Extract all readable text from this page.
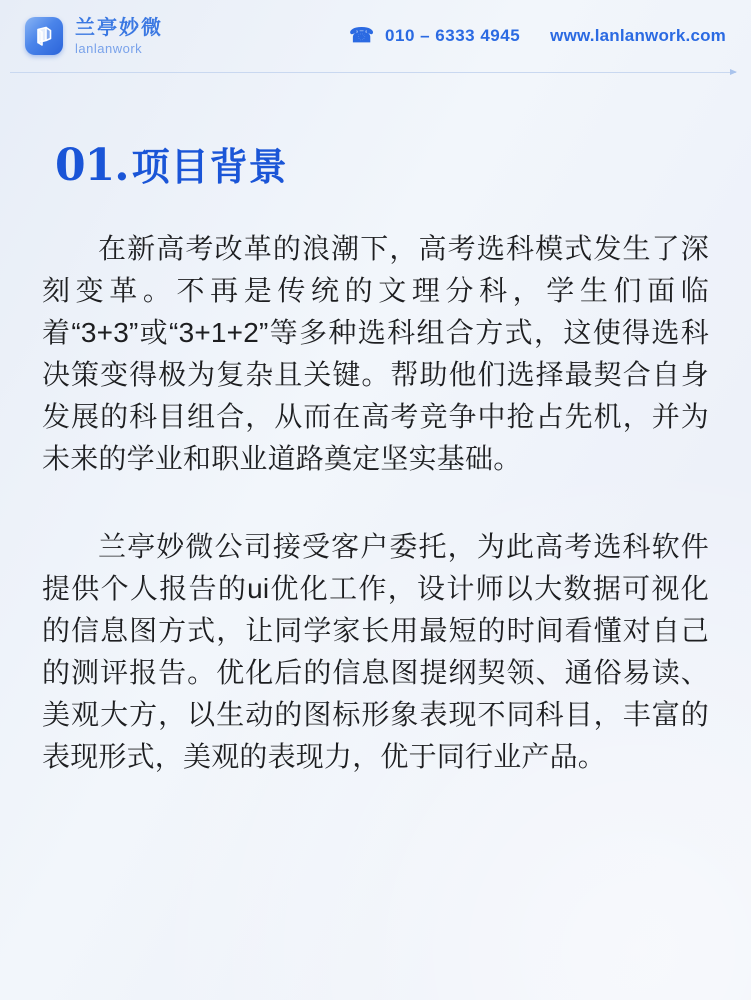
兰亭妙微
lanlanwork
☎ 010 – 6333 4945 www.lanlanwork.com
01. 项目背景

在新高考改革的浪潮下，高考选科模式发生了深刻变革。不再是传统的文理分科，学生们面临着“3+3”或“3+1+2”等多种选科组合方式，这使得选科决策变得极为复杂且关键。帮助他们选择最契合自身发展的科目组合，从而在高考竞争中抢占先机，并为未来的学业和职业道路奠定坚实基础。

兰亭妙微公司接受客户委托，为此高考选科软件提供个人报告的ui优化工作，设计师以大数据可视化的信息图方式，让同学家长用最短的时间看懂对自己的测评报告。优化后的信息图提纲契领、通俗易读、美观大方，以生动的图标形象表现不同科目，丰富的表现形式，美观的表现力，优于同行业产品。
